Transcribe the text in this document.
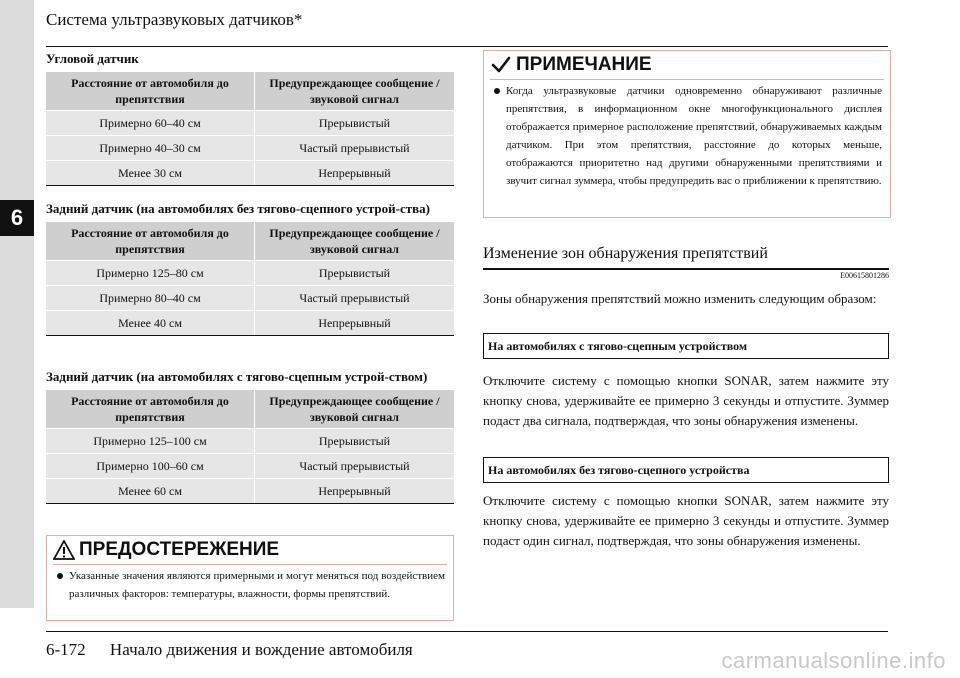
6
Система ультразвуковых датчиков*

Угловой датчик

Расстояние от автомобиля до препятствия	Предупреждающее сообщение / звуковой сигнал
Примерно 60–40 см	Прерывистый
Примерно 40–30 см	Частый прерывистый
Менее 30 см	Непрерывный

Задний датчик (на автомобилях без тягово-сцепного устрой-ства)

Расстояние от автомобиля до препятствия	Предупреждающее сообщение / звуковой сигнал
Примерно 125–80 см	Прерывистый
Примерно 80–40 см	Частый прерывистый
Менее 40 см	Непрерывный

Задний датчик (на автомобилях с тягово-сцепным устрой-ством)

Расстояние от автомобиля до препятствия	Предупреждающее сообщение / звуковой сигнал
Примерно 125–100 см	Прерывистый
Примерно 100–60 см	Частый прерывистый
Менее 60 см	Непрерывный
ПРЕДОСТЕРЕЖЕНИЕ
Указанные значения являются примерными и могут меняться под воздействием различных факторов: температуры, влажности, формы препятствий.
ПРИМЕЧАНИЕ
Когда ультразвуковые датчики одновременно обнаруживают различные препятствия, в информационном окне многофункционального дисплея отображается примерное расположение препятствий, обнаруживаемых каждым датчиком. При этом препятствия, расстояние до которых меньше, отображаются приоритетно над другими обнаруженными препятствиями и звучит сигнал зуммера, чтобы предупредить вас о приближении к препятствию.
Изменение зон обнаружения препятствий
E00615801286

Зоны обнаружения препятствий можно изменить следующим образом:

На автомобилях с тягово-сцепным устройством

Отключите систему с помощью кнопки SONAR, затем нажмите эту кнопку снова, удерживайте ее примерно 3 секунды и отпустите. Зуммер подаст два сигнала, подтверждая, что зоны обнаружения изменены.

На автомобилях без тягово-сцепного устройства

Отключите систему с помощью кнопки SONAR, затем нажмите эту кнопку снова, удерживайте ее примерно 3 секунды и отпустите. Зуммер подаст один сигнал, подтверждая, что зоны обнаружения изменены.

6-172 Начало движения и вождение автомобиля	carmanualsonline.info
